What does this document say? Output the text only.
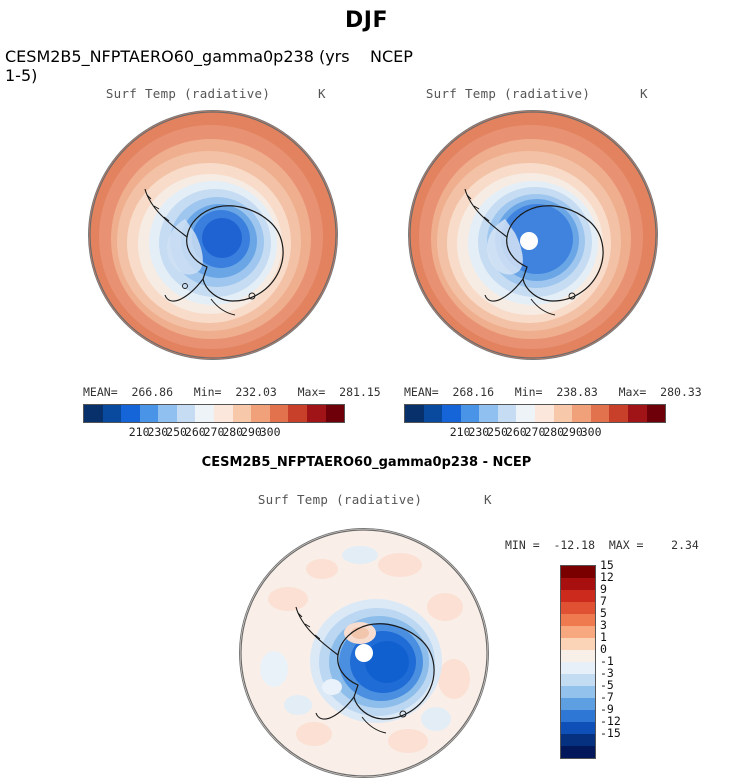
DJF
CESM2B5_NFPTAERO60_gamma0p238 (yrs 1-5)
Surf Temp (radiative)	K
MEAN=  266.86   Min=  232.03   Max=  281.15
210
230
250
260
270
280
290
300
NCEP
Surf Temp (radiative)	K
MEAN=  268.16   Min=  238.83   Max=  280.33
210
230
250
260
270
280
290
300
CESM2B5_NFPTAERO60_gamma0p238 - NCEP
Surf Temp (radiative)	K
MIN =  -12.18  MAX =    2.34
15
12
9
7
5
3
1
0
-1
-3
-5
-7
-9
-12
-15
